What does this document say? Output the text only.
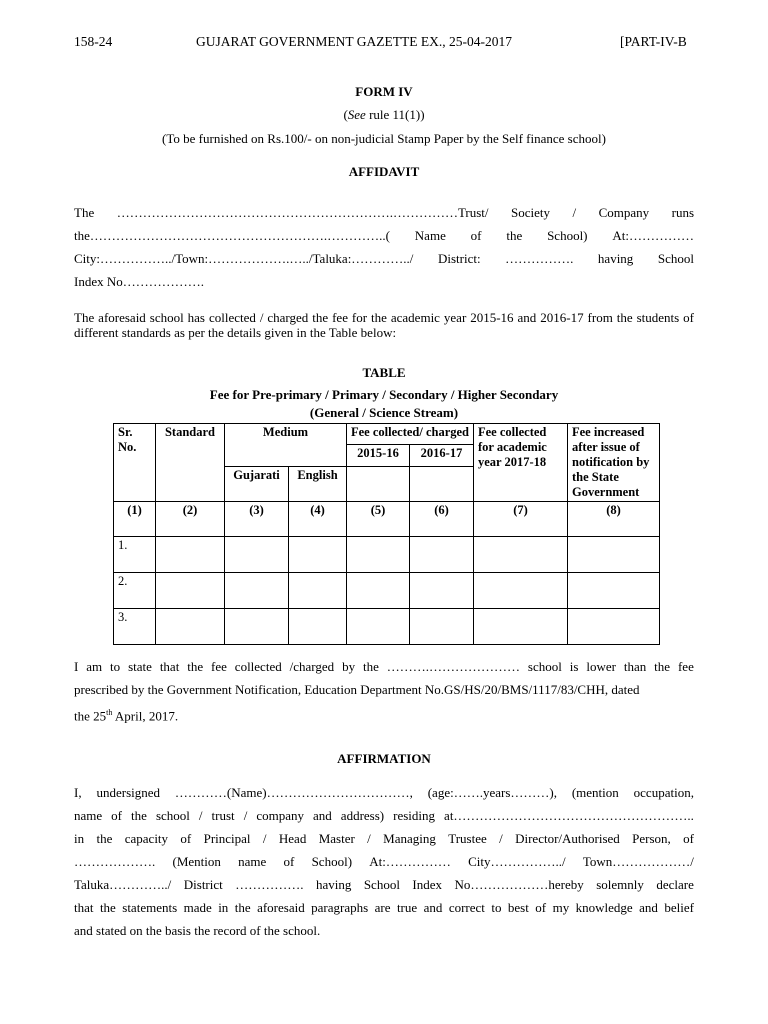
158-24	GUJARAT GOVERNMENT GAZETTE EX., 25-04-2017	[PART-IV-B
FORM IV
(See rule 11(1))
(To be furnished on Rs.100/- on non-judicial Stamp Paper by the Self finance school)
AFFIDAVIT
The ……………………………………………………….……………Trust/ Society / Company runs
the……………………………………………….…………..( Name of the School) At:……………
City:……………../Town:……………….…../Taluka:…………../ District: ……………. having School
Index No……………….
The aforesaid school has collected / charged the fee for the academic year 2015-16 and 2016-17 from the students of different standards as per the details given in the Table below:
TABLE
Fee for Pre-primary / Primary / Secondary / Higher Secondary
(General / Science Stream)
Sr. No.	Standard	Medium		Fee collected/ charged		Fee collected for academic year 2017-18	Fee increased after issue of notification by the State Government
				2015-16	2016-17		
		Gujarati	English				
(1)	(2)	(3)	(4)	(5)	(6)	(7)	(8)
1.							
2.							
3.							
I am to state that the fee collected /charged by the ……….………………… school is lower than the fee
prescribed by the Government Notification, Education Department No.GS/HS/20/BMS/1117/83/CHH, dated
the 25th April, 2017.
AFFIRMATION
I, undersigned …………(Name)……………………………, (age:…….years………), (mention occupation,
name of the school / trust / company and address) residing at………………………………………………..
in the capacity of Principal / Head Master / Managing Trustee / Director/Authorised Person, of
………………. (Mention name of School) At:…………… City……………../ Town………………/
Taluka…………../ District ……………. having School Index No………………hereby solemnly declare
that the statements made in the aforesaid paragraphs are true and correct to best of my knowledge and belief
and stated on the basis the record of the school.
